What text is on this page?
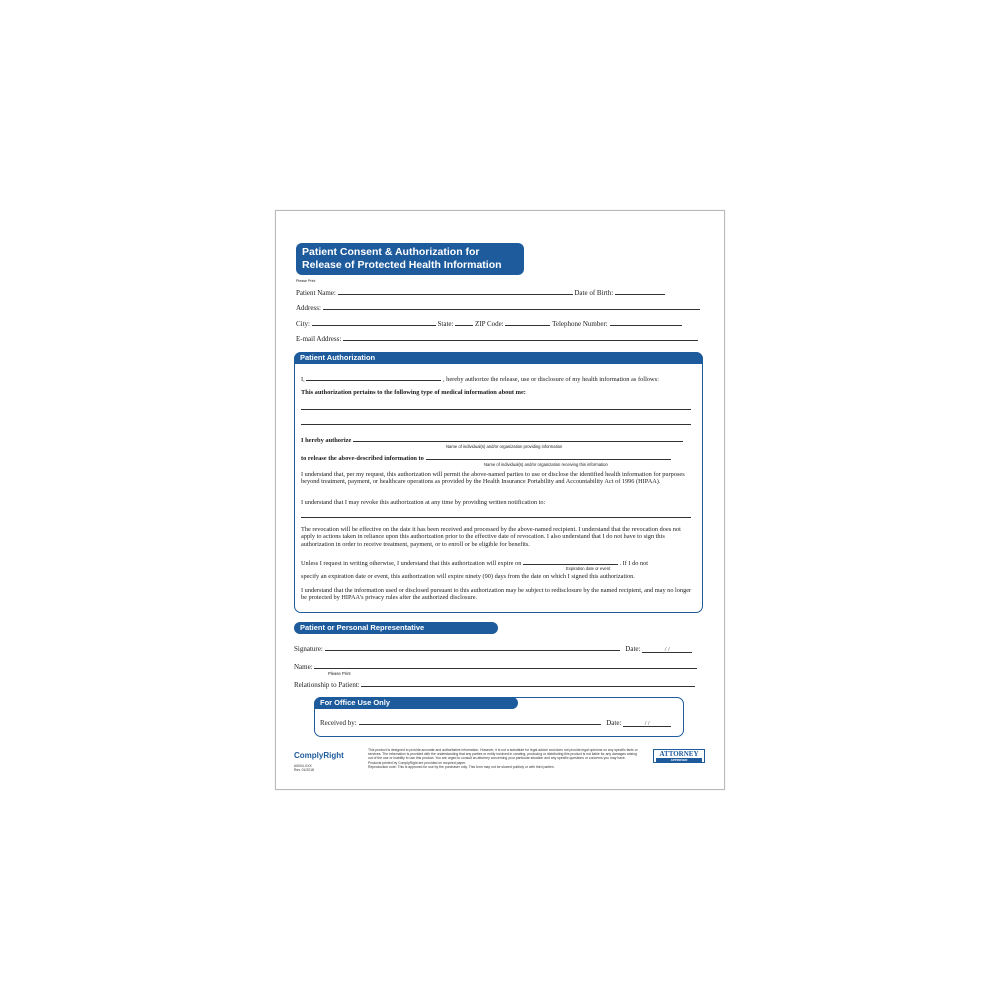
Patient Consent & Authorization for
Release of Protected Health Information
Please Print
Patient Name:	Date of Birth:
Address:
City:	State:	ZIP Code:	Telephone Number:
E-mail Address:
Patient Authorization
I,	, hereby authorize the release, use or disclosure of my health information as follows:
This authorization pertains to the following type of medical information about me:
I hereby authorize
Name of individual(s) and/or organization providing information
to release the above-described information to
Name of individual(s) and/or organization receiving this information
I understand that, per my request, this authorization will permit the above-named parties to use or disclose the identified health information for purposes beyond treatment, payment, or healthcare operations as provided by the Health Insurance Portability and Accountability Act of 1996 (HIPAA).
I understand that I may revoke this authorization at any time by providing written notification to:
The revocation will be effective on the date it has been received and processed by the above-named recipient. I understand that the revocation does not apply to actions taken in reliance upon this authorization prior to the effective date of revocation. I also understand that I do not have to sign this authorization in order to receive treatment, payment, or to enroll or be eligible for benefits.
Unless I request in writing otherwise, I understand that this authorization will expire on	. If I do not
Expiration date or event
specify an expiration date or event, this authorization will expire ninety (90) days from the date on which I signed this authorization.
I understand that the information used or disclosed pursuant to this authorization may be subject to redisclosure by the named recipient, and may no longer be protected by HIPAA's privacy rules after the authorized disclosure.
Patient or Personal Representative
Signature:	Date:	/ /
Name:
Please Print
Relationship to Patient:
For Office Use Only
Received by:	Date:	/ /
ComplyRight
A0004-XXX
Rev. 01/2018
This product is designed to provide accurate and authoritative information. However, it is not a substitute for legal advice and does not provide legal opinions on any specific facts or services. The information is provided with the understanding that any parties or entity involved in creating, producing or distributing this product is not liable for any damages arising out of the use or inability to use this product. You are urged to consult an attorney concerning your particular situation and any specific questions or concerns you may have. Products printed by ComplyRight are provided on recycled paper.
Reproduction note: This is approved for use by the purchaser only. This form may not be shared publicly or with third parties.
ATTORNEY
APPROVED
